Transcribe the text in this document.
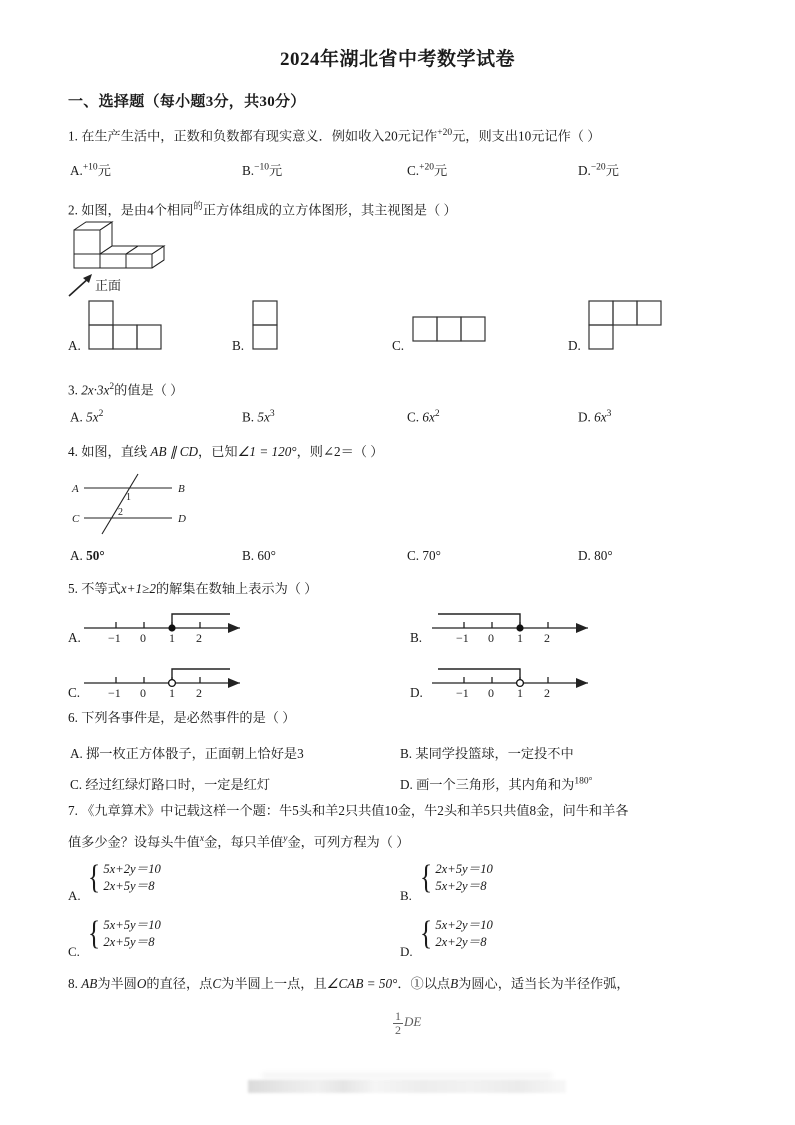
2024年湖北省中考数学试卷
一、选择题（每小题3分，共30分）
1. 在生产生活中，正数和负数都有现实意义．例如收入20元记作$^{+20}$元，则支出10元记作（ ）
A.$^{+10}$元	B.$^{-10}$元	C.$^{+20}$元	D.$^{-20}$元
2. 如图，是由4个相同$^的$正方体组成的立方体图形，其主视图是（ ）
正面
A.	B.	C.	D.
3. $2x\cdot 3x^2$的值是（ ）
A. $5x^2$	B. $5x^3$	C. $6x^2$	D. $6x^3$
4. 如图，直线 AB ∥ CD，已知∠1 = 120°，则∠2＝（ ）
A	B
C	D
1
2
A. 50°	B. 60°	C. 70°	D. 80°
5. 不等式x+1≥2的解集在数轴上表示为（ ）
−1 0 1 2
A.	−1 0 1 2
B.
−1 0 1 2
C.	−1 0 1 2
D.
6. 下列各事件是，是必然事件的是（ ）
A. 掷一枚正方体骰子，正面朝上恰好是3	B. 某同学投篮球，一定投不中
C. 经过红绿灯路口时，一定是红灯	D. 画一个三角形，其内角和为$^{180^\circ}$
7. 《九章算术》中记载这样一个题：牛5头和羊2只共值10金，牛2头和羊5只共值8金，问牛和羊各
值多少金？设每头牛值$^x$金，每只羊值$^y$金，可列方程为（ ）
A. { 5x+2y＝10
2x+5y＝8
B. { 2x+5y＝10
5x+2y＝8
C. { 5x+5y＝10
2x+5y＝8
D. { 5x+2y＝10
2x+2y＝8
8. AB为半圆O的直径，点C为半圆上一点，且∠CAB = 50°．①以点B为圆心，适当长为半径作弧，
$\frac{1}{2}$ DE
